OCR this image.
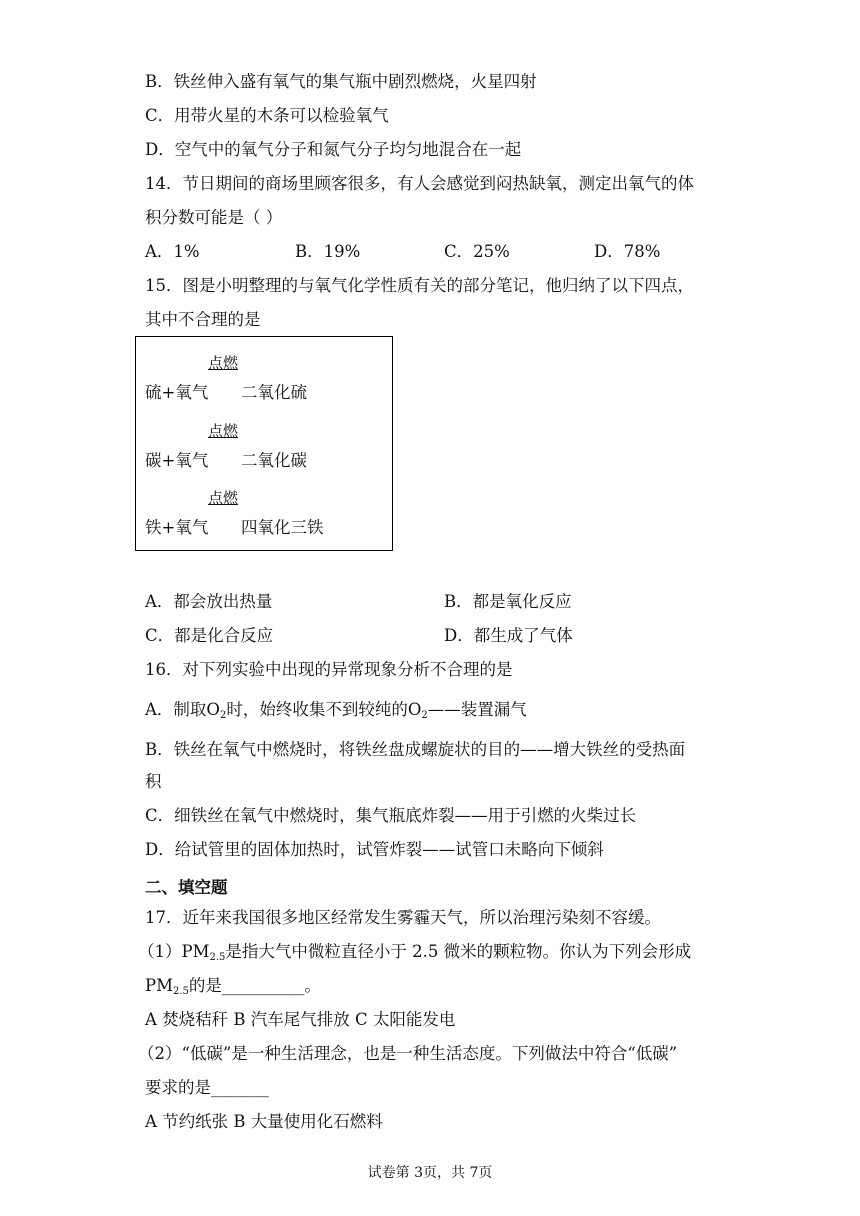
B．铁丝伸入盛有氧气的集气瓶中剧烈燃烧，火星四射
C．用带火星的木条可以检验氧气
D．空气中的氧气分子和氮气分子均匀地混合在一起
14．节日期间的商场里顾客很多，有人会感觉到闷热缺氧，测定出氧气的体
积分数可能是（ ）
A．1%	B．19%	C．25%	D．78%
15．图是小明整理的与氧气化学性质有关的部分笔记，他归纳了以下四点，
其中不合理的是
点燃
硫+氧气 二氧化硫
点燃
碳+氧气 二氧化碳
点燃
铁+氧气 四氧化三铁
A．都会放出热量	B．都是氧化反应
C．都是化合反应	D．都生成了气体
16．对下列实验中出现的异常现象分析不合理的是
A．制取$O_2$时，始终收集不到较纯的$O_2——$装置漏气
B．铁丝在氧气中燃烧时，将铁丝盘成螺旋状的目的——增大铁丝的受热面
积
C．细铁丝在氧气中燃烧时，集气瓶底炸裂——用于引燃的火柴过长
D．给试管里的固体加热时，试管炸裂——试管口未略向下倾斜
二、填空题
17．近年来我国很多地区经常发生雾霾天气，所以治理污染刻不容缓。
$(1)PM_{2.5}$是指大气中微粒直径小于 2.5 微米的颗粒物。你认为下列会形成
$PM_{2.5}$的是__________。
A 焚烧秸秆 B 汽车尾气排放 C 太阳能发电
（2）“低碳”是一种生活理念，也是一种生活态度。下列做法中符合“低碳”
要求的是_______
A 节约纸张 B 大量使用化石燃料
试卷第 3页，共 7页
